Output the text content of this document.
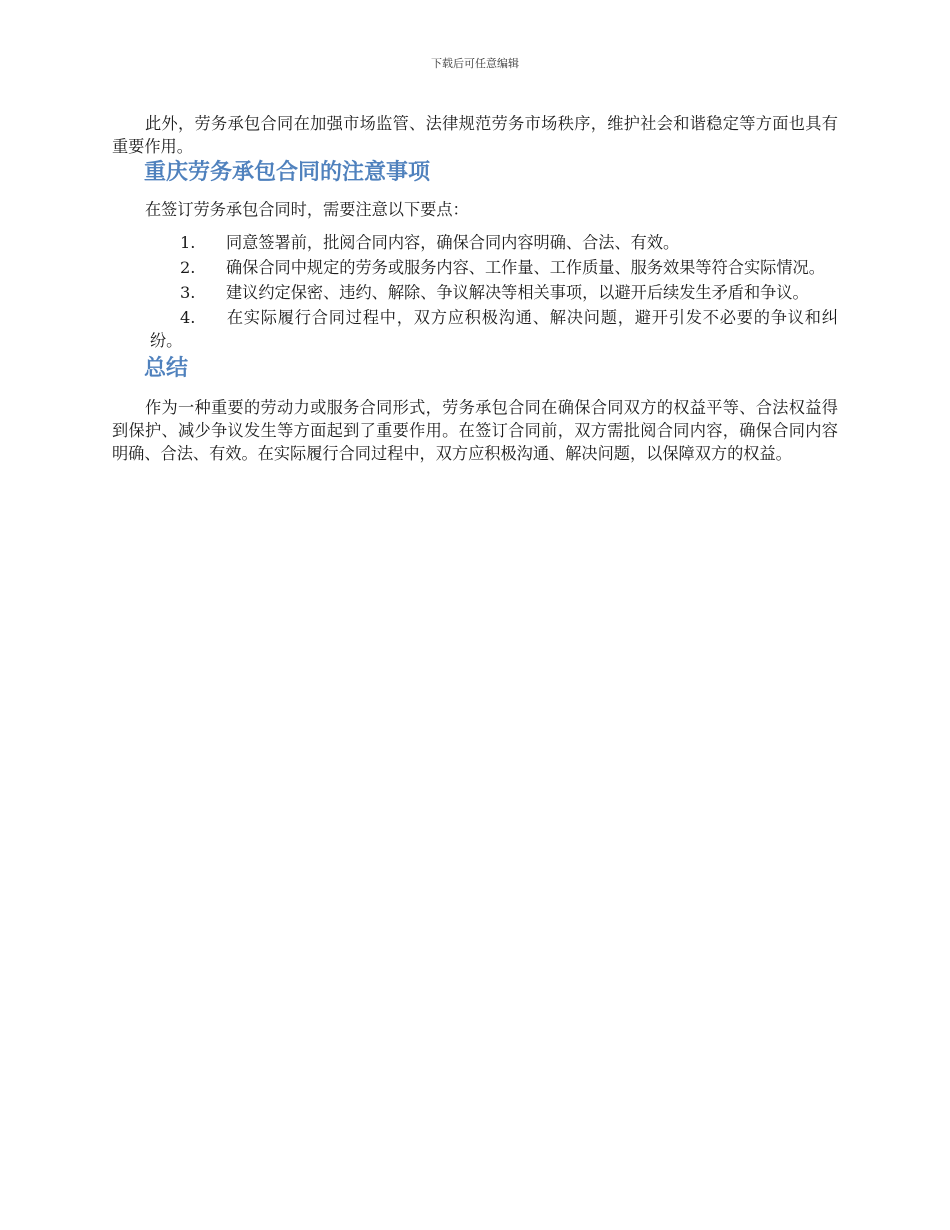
下载后可任意编辑

此外，劳务承包合同在加强市场监管、法律规范劳务市场秩序，维护社会和谐稳定等方面也具有重要作用。

重庆劳务承包合同的注意事项

在签订劳务承包合同时，需要注意以下要点：

1. 同意签署前，批阅合同内容，确保合同内容明确、合法、有效。
2. 确保合同中规定的劳务或服务内容、工作量、工作质量、服务效果等符合实际情况。
3. 建议约定保密、违约、解除、争议解决等相关事项，以避开后续发生矛盾和争议。
4. 在实际履行合同过程中，双方应积极沟通、解决问题，避开引发不必要的争议和纠纷。
总结

作为一种重要的劳动力或服务合同形式，劳务承包合同在确保合同双方的权益平等、合法权益得到保护、减少争议发生等方面起到了重要作用。在签订合同前，双方需批阅合同内容，确保合同内容明确、合法、有效。在实际履行合同过程中，双方应积极沟通、解决问题，以保障双方的权益。
